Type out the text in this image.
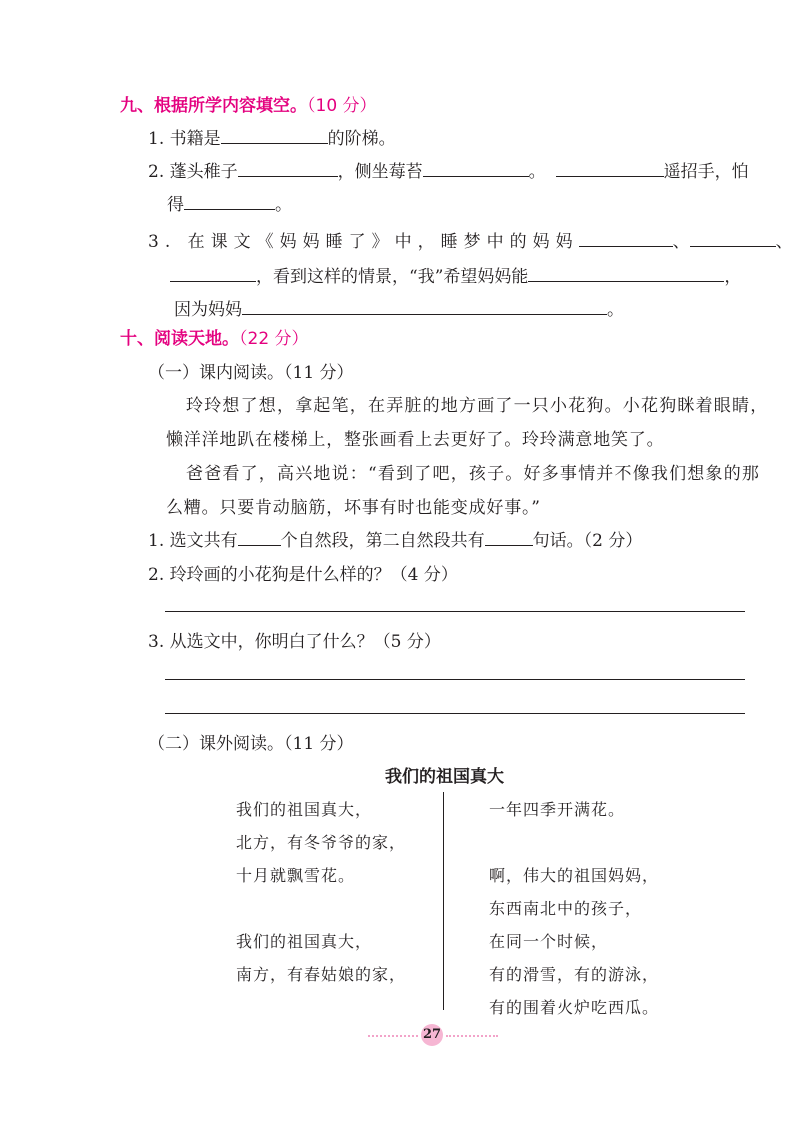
九、根据所学内容填空。（10 分）
1. 书籍是	的阶梯。
2. 蓬头稚子	，侧坐莓苔	。	遥招手，怕
得	。
3. 在课文《妈妈睡了》中，睡梦中的妈妈	、	、
，看到这样的情景，“我”希望妈妈能	，
因为妈妈	。
十、阅读天地。（22 分）
（一）课内阅读。（11 分）
玲玲想了想，拿起笔，在弄脏的地方画了一只小花狗。小花狗眯着眼睛，
懒洋洋地趴在楼梯上，整张画看上去更好了。玲玲满意地笑了。
爸爸看了，高兴地说：“看到了吧，孩子。好多事情并不像我们想象的那
么糟。只要肯动脑筋，坏事有时也能变成好事。”
1. 选文共有	个自然段，第二自然段共有	句话。（2 分）
2. 玲玲画的小花狗是什么样的？（4 分）
3. 从选文中，你明白了什么？（5 分）
（二）课外阅读。（11 分）
我们的祖国真大
我们的祖国真大，
北方，有冬爷爷的家，
十月就飘雪花。
我们的祖国真大，
南方，有春姑娘的家，
一年四季开满花。
啊，伟大的祖国妈妈，
东西南北中的孩子，
在同一个时候，
有的滑雪，有的游泳，
有的围着火炉吃西瓜。
27
